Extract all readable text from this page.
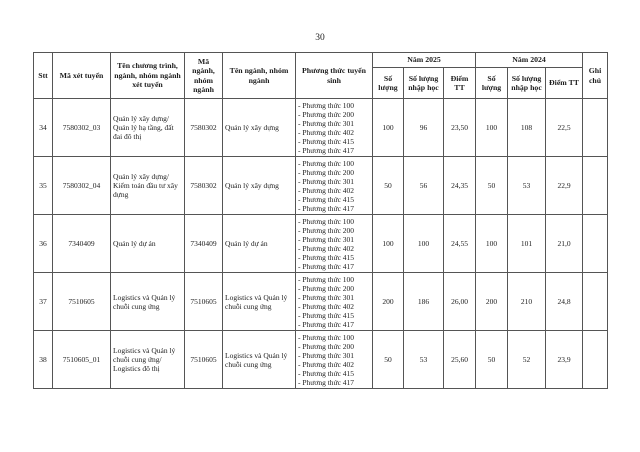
30
Stt	Mã xét tuyển	Tên chương trình, ngành, nhóm ngành xét tuyển	Mã ngành, nhóm ngành	Tên ngành, nhóm ngành	Phương thức tuyển sinh	Năm 2025			Năm 2024			Ghi chú
						Số lượng	Số lượng nhập học	Điểm TT	Số lượng	Số lượng nhập học	Điểm TT	
34	7580302_03	Quản lý xây dựng/ Quản lý hạ tầng, đất đai đô thị	7580302	Quản lý xây dựng	
- Phương thức 100
- Phương thức 200
- Phương thức 301
- Phương thức 402
- Phương thức 415
- Phương thức 417
	100	96	23,50	100	108	22,5	
35	7580302_04	Quản lý xây dựng/ Kiểm toán đầu tư xây dựng	7580302	Quản lý xây dựng	
- Phương thức 100
- Phương thức 200
- Phương thức 301
- Phương thức 402
- Phương thức 415
- Phương thức 417
	50	56	24,35	50	53	22,9	
36	7340409	Quản lý dự án	7340409	Quản lý dự án	
- Phương thức 100
- Phương thức 200
- Phương thức 301
- Phương thức 402
- Phương thức 415
- Phương thức 417
	100	100	24,55	100	101	21,0	
37	7510605	Logistics và Quản lý chuỗi cung ứng	7510605	Logistics và Quản lý chuỗi cung ứng	
- Phương thức 100
- Phương thức 200
- Phương thức 301
- Phương thức 402
- Phương thức 415
- Phương thức 417
	200	186	26,00	200	210	24,8	
38	7510605_01	Logistics và Quản lý chuỗi cung ứng/ Logistics đô thị	7510605	Logistics và Quản lý chuỗi cung ứng	
- Phương thức 100
- Phương thức 200
- Phương thức 301
- Phương thức 402
- Phương thức 415
- Phương thức 417
	50	53	25,60	50	52	23,9	
